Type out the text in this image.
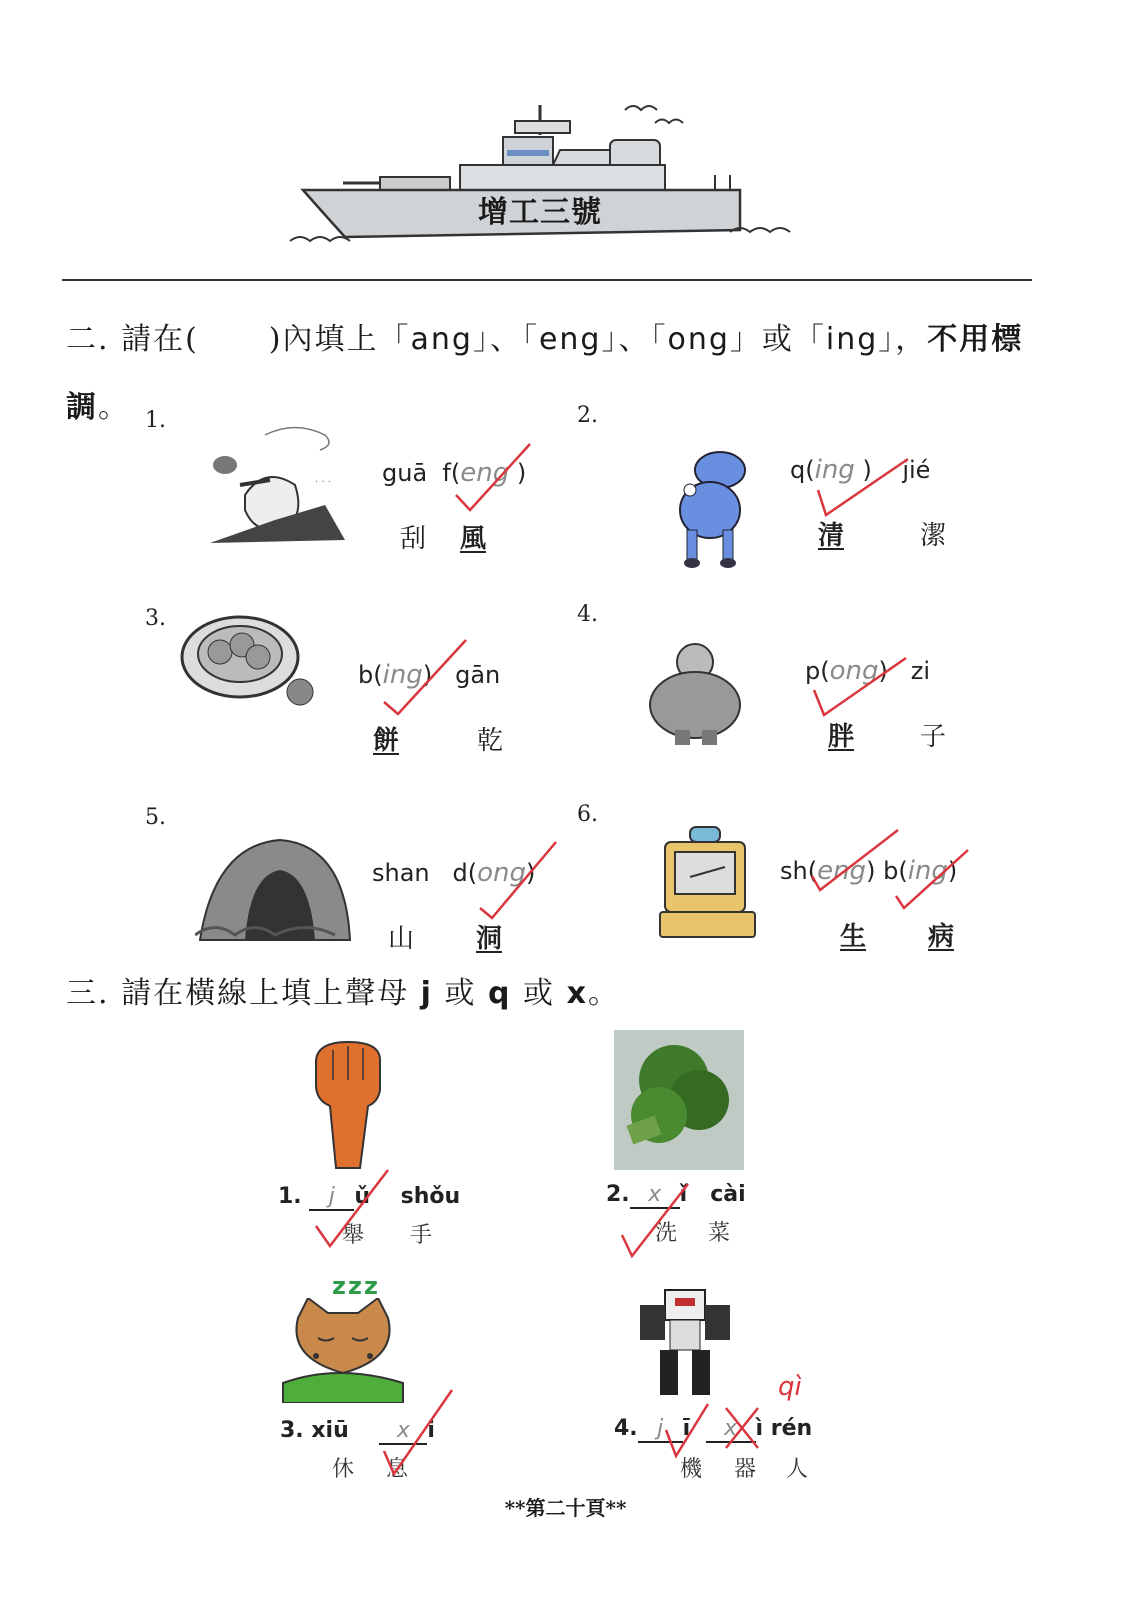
增工三號
二. 請在( )內填上「ang」、「eng」、「ong」或「ing」，不用標
調。 1.
· · · guā f(eng )
刮 風
2.
q(ing ) jié
清	潔
3.
b(ing) gān
餅	乾
4.
p(ong) zi
胖	子
5.
shan d(ong)
山 洞
6.
sh(eng) b(ing)
生 病
三. 請在橫線上填上聲母 j 或 q 或 x。
1. j ǔ shǒu
舉 手
2. x ǐ cài
洗 菜
zzz
3. xiū x i
休 息
4. j ī x ì rén
qì
機 器 人
**第二十頁**
